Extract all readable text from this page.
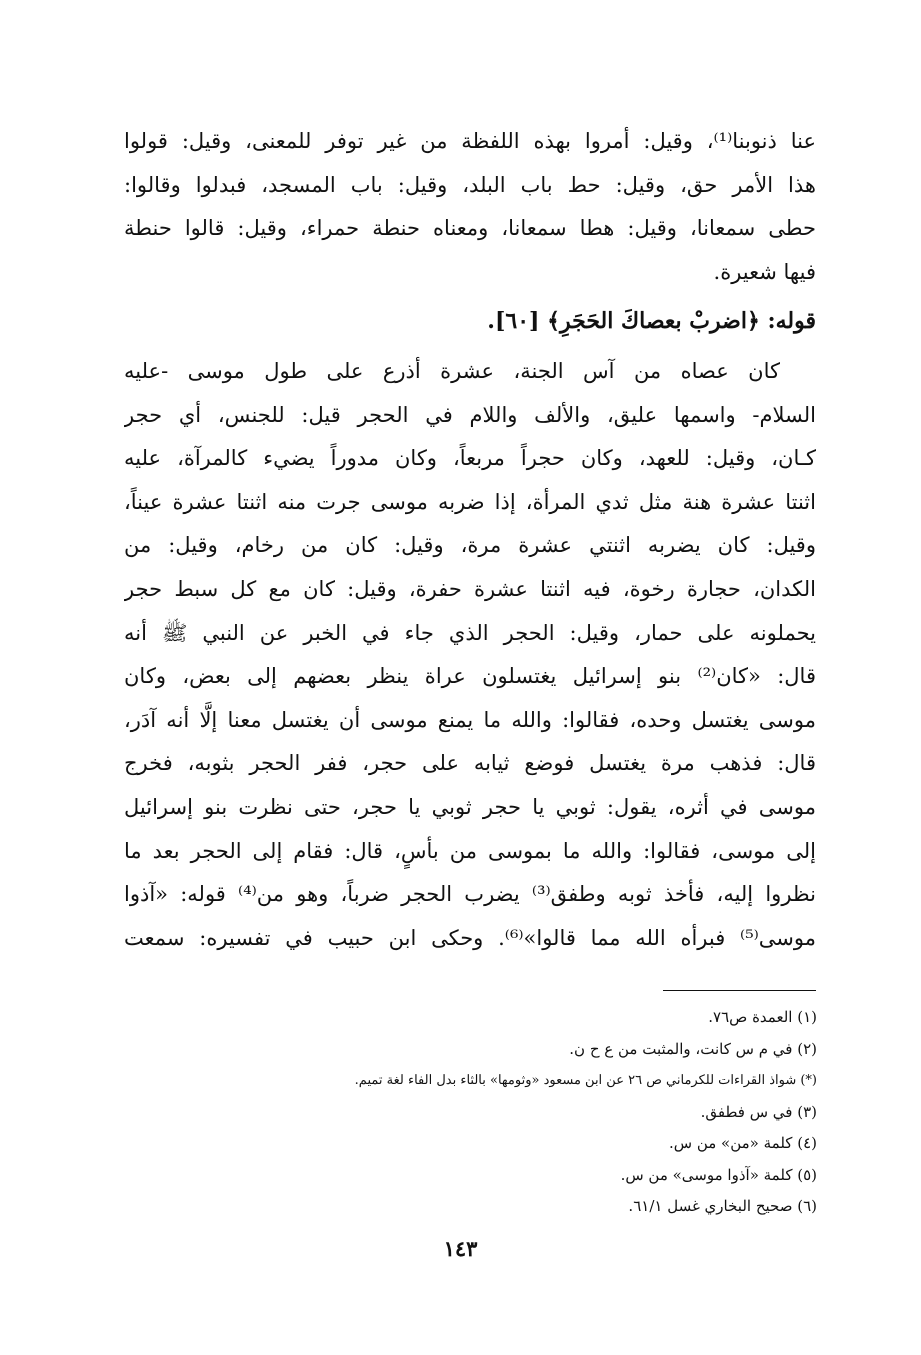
عنا ذنوبنا⁽¹⁾، وقيل: أمروا بهذه اللفظة من غير توفر للمعنى، وقيل: قولوا
هذا الأمر حق، وقيل: حط باب البلد، وقيل: باب المسجد، فبدلوا وقالوا:
حطى سمعانا، وقيل: هطا سمعانا، ومعناه حنطة حمراء، وقيل: قالوا حنطة
فيها شعيرة.
قوله: ﴿اضربْ بعصاكَ الحَجَرِ﴾ [٦٠].
كان عصاه من آس الجنة، عشرة أذرع على طول موسى -عليه
السلام- واسمها عليق، والألف واللام في الحجر قيل: للجنس، أي حجر
كـان، وقيل: للعهد، وكان حجراً مربعاً، وكان مدوراً يضيء كالمرآة، عليه
اثنتا عشرة هنة مثل ثدي المرأة، إذا ضربه موسى جرت منه اثنتا عشرة عيناً،
وقيل: كان يضربه اثنتي عشرة مرة، وقيل: كان من رخام، وقيل: من
الكدان، حجارة رخوة، فيه اثنتا عشرة حفرة، وقيل: كان مع كل سبط حجر
يحملونه على حمار، وقيل: الحجر الذي جاء في الخبر عن النبي ﷺ أنه
قال: «كان⁽²⁾ بنو إسرائيل يغتسلون عراة ينظر بعضهم إلى بعض، وكان
موسى يغتسل وحده، فقالوا: والله ما يمنع موسى أن يغتسل معنا إلَّا أنه آدَر،
قال: فذهب مرة يغتسل فوضع ثيابه على حجر، ففر الحجر بثوبه، فخرج
موسى في أثره، يقول: ثوبي يا حجر ثوبي يا حجر، حتى نظرت بنو إسرائيل
إلى موسى، فقالوا: والله ما بموسى من بأسٍ، قال: فقام إلى الحجر بعد ما
نظروا إليه، فأخذ ثوبه وطفق⁽³⁾ يضرب الحجر ضرباً، وهو من⁽⁴⁾ قوله: «آذوا
موسى⁽⁵⁾ فبرأه الله مما قالوا»⁽⁶⁾. وحكى ابن حبيب في تفسيره: سمعت
(١) العمدة ص٧٦.
(٢) في م س كانت، والمثبت من ع ح ن.
(*) شواذ القراءات للكرماني ص ٢٦ عن ابن مسعود «وثومها» بالثاء بدل الفاء لغة تميم.
(٣) في س فطفق.
(٤) كلمة «من» من س.
(٥) كلمة «آذوا موسى» من س.
(٦) صحيح البخاري غسل ٦١/١.
١٤٣
